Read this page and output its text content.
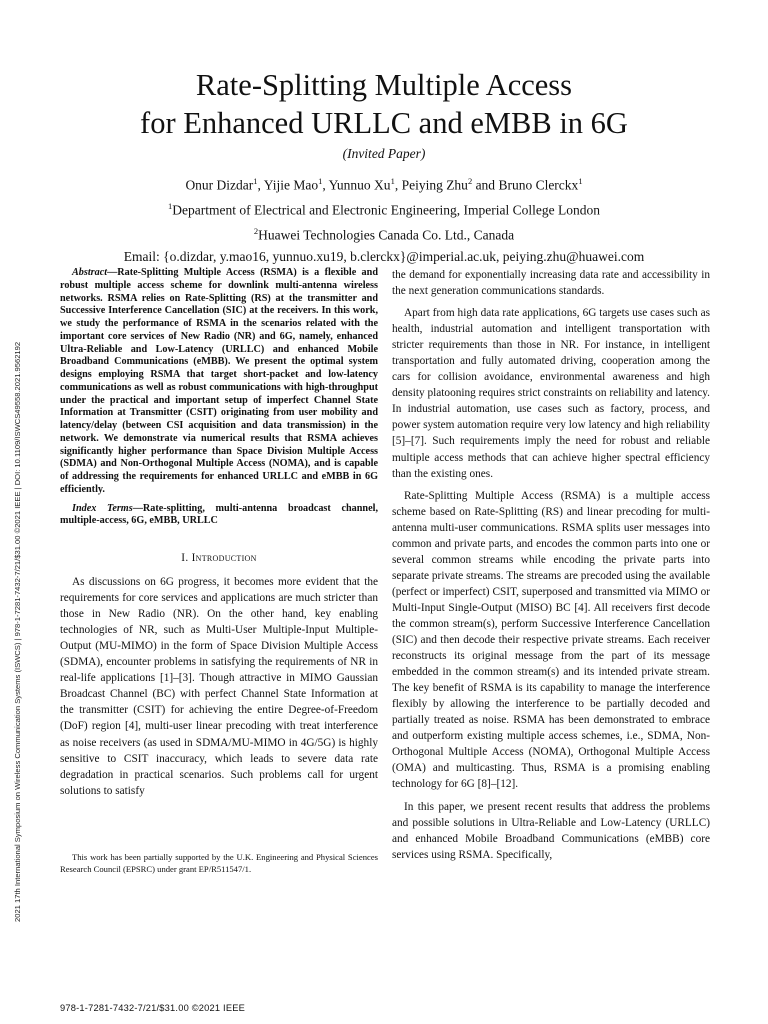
Rate-Splitting Multiple Access
for Enhanced URLLC and eMBB in 6G
(Invited Paper)
Onur Dizdar$^1$, Yijie Mao$^1$, Yunnuo Xu$^1$, Peiying Zhu$^2$ and Bruno Clerckx$^1$
$^1$Department of Electrical and Electronic Engineering, Imperial College London
$^2$Huawei Technologies Canada Co. Ltd., Canada
Email: {o.dizdar, y.mao16, yunnuo.xu19, b.clerckx}@imperial.ac.uk, peiying.zhu@huawei.com
2021 17th International Symposium on Wireless Communication Systems (ISWCS) | 978-1-7281-7432-7/21/$31.00 ©2021 IEEE | DOI: 10.1109/ISWCS49558.2021.9562192

Abstract—Rate-Splitting Multiple Access (RSMA) is a flexible and robust multiple access scheme for downlink multi-antenna wireless networks. RSMA relies on Rate-Splitting (RS) at the transmitter and Successive Interference Cancellation (SIC) at the receivers. In this work, we study the performance of RSMA in the scenarios related with the important core services of New Radio (NR) and 6G, namely, enhanced Ultra-Reliable and Low-Latency (URLLC) and enhanced Mobile Broadband Communications (eMBB). We present the optimal system designs employing RSMA that target short-packet and low-latency communications as well as robust communications with high-throughput under the practical and important setup of imperfect Channel State Information at Transmitter (CSIT) originating from user mobility and latency/delay (between CSI acquisition and data transmission) in the network. We demonstrate via numerical results that RSMA achieves significantly higher performance than Space Division Multiple Access (SDMA) and Non-Orthogonal Multiple Access (NOMA), and is capable of addressing the requirements for enhanced URLLC and eMBB in 6G efficiently.

Index Terms—Rate-splitting, multi-antenna broadcast channel, multiple-access, 6G, eMBB, URLLC

I. Introduction

As discussions on 6G progress, it becomes more evident that the requirements for core services and applications are much stricter than those in New Radio (NR). On the other hand, key enabling technologies of NR, such as Multi-User Multiple-Input Multiple-Output (MU-MIMO) in the form of Space Division Multiple Access (SDMA), encounter problems in satisfying the requirements of NR in real-life applications [1]–[3]. Though attractive in MIMO Gaussian Broadcast Channel (BC) with perfect Channel State Information at the transmitter (CSIT) for achieving the entire Degree-of-Freedom (DoF) region [4], multi-user linear precoding with treat interference as noise receivers (as used in SDMA/MU-MIMO in 4G/5G) is highly sensitive to CSIT inaccuracy, which leads to severe data rate degradation in practical scenarios. Such problems call for urgent solutions to satisfy

This work has been partially supported by the U.K. Engineering and Physical Sciences Research Council (EPSRC) under grant EP/R511547/1.

the demand for exponentially increasing data rate and accessibility in the next generation communications standards.

Apart from high data rate applications, 6G targets use cases such as health, industrial automation and intelligent transportation with stricter requirements than those in NR. For instance, in intelligent transportation and fully automated driving, cooperation among the cars for collision avoidance, environmental awareness and high density platooning requires strict constraints on reliability and latency. In industrial automation, use cases such as factory, process, and power system automation require very low latency and high reliability [5]–[7]. Such requirements imply the need for robust and reliable multiple access methods that can achieve higher spectral efficiency than the existing ones.

Rate-Splitting Multiple Access (RSMA) is a multiple access scheme based on Rate-Splitting (RS) and linear precoding for multi-antenna multi-user communications. RSMA splits user messages into common and private parts, and encodes the common parts into one or several common streams while encoding the private parts into separate private streams. The streams are precoded using the available (perfect or imperfect) CSIT, superposed and transmitted via MIMO or Multi-Input Single-Output (MISO) BC [4]. All receivers first decode the common stream(s), perform Successive Interference Cancellation (SIC) and then decode their respective private streams. Each receiver reconstructs its original message from the part of its message embedded in the common stream(s) and its intended private stream. The key benefit of RSMA is its capability to manage the interference flexibly by allowing the interference to be partially decoded and partially treated as noise. RSMA has been demonstrated to embrace and outperform existing multiple access schemes, i.e., SDMA, Non-Orthogonal Multiple Access (NOMA), Orthogonal Multiple Access (OMA) and multicasting. Thus, RSMA is a promising enabling technology for 6G [8]–[12].

In this paper, we present recent results that address the problems and possible solutions in Ultra-Reliable and Low-Latency (URLLC) and enhanced Mobile Broadband Communications (eMBB) core services using RSMA. Specifically,

978-1-7281-7432-7/21/$31.00 ©2021 IEEE
